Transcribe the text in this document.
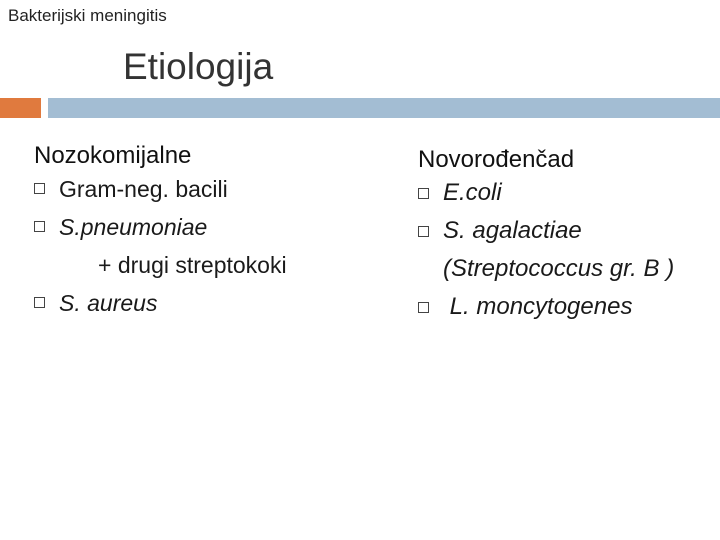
Bakterijski meningitis
Etiologija
Nozokomijalne
Gram-neg. bacili
S.pneumoniae
+ drugi streptokoki
S. aureus
Novorođenčad
E.coli
S. agalactiae (Streptococcus gr. B )
L. moncytogenes
